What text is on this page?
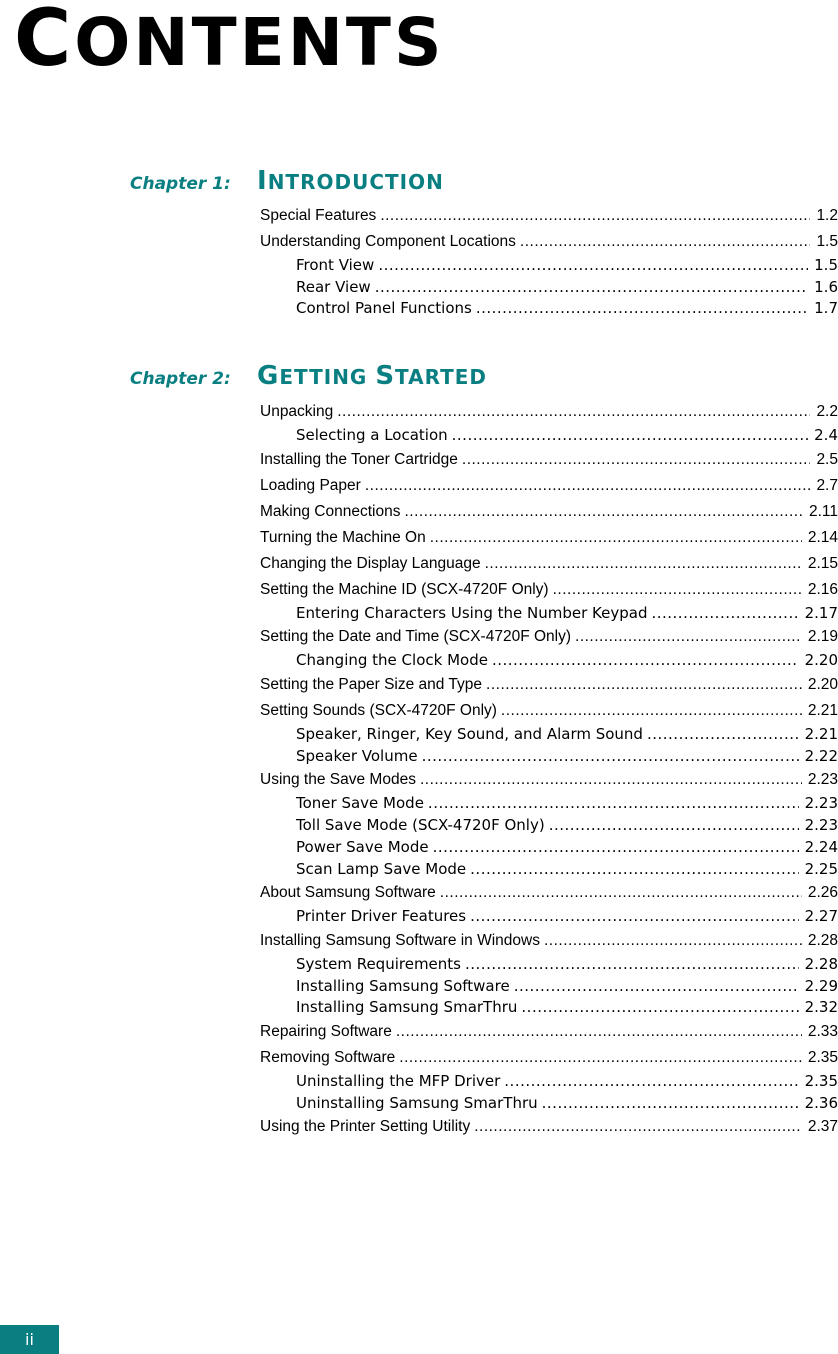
CONTENTS
Chapter 1: INTRODUCTION
Special Features .....	1.2
Understanding Component Locations .....	1.5
Front View .....	1.5
Rear View .....	1.6
Control Panel Functions .....	1.7
Chapter 2: GETTING STARTED
Unpacking .....	2.2
Selecting a Location .....	2.4
Installing the Toner Cartridge .....	2.5
Loading Paper .....	2.7
Making Connections .....	2.11
Turning the Machine On .....	2.14
Changing the Display Language .....	2.15
Setting the Machine ID (SCX-4720F Only) .....	2.16
Entering Characters Using the Number Keypad .....	2.17
Setting the Date and Time (SCX-4720F Only) .....	2.19
Changing the Clock Mode .....	2.20
Setting the Paper Size and Type .....	2.20
Setting Sounds (SCX-4720F Only) .....	2.21
Speaker, Ringer, Key Sound, and Alarm Sound .....	2.21
Speaker Volume .....	2.22
Using the Save Modes .....	2.23
Toner Save Mode .....	2.23
Toll Save Mode (SCX-4720F Only) .....	2.23
Power Save Mode .....	2.24
Scan Lamp Save Mode .....	2.25
About Samsung Software .....	2.26
Printer Driver Features .....	2.27
Installing Samsung Software in Windows .....	2.28
System Requirements .....	2.28
Installing Samsung Software .....	2.29
Installing Samsung SmarThru .....	2.32
Repairing Software .....	2.33
Removing Software .....	2.35
Uninstalling the MFP Driver .....	2.35
Uninstalling Samsung SmarThru .....	2.36
Using the Printer Setting Utility .....	2.37
ii
